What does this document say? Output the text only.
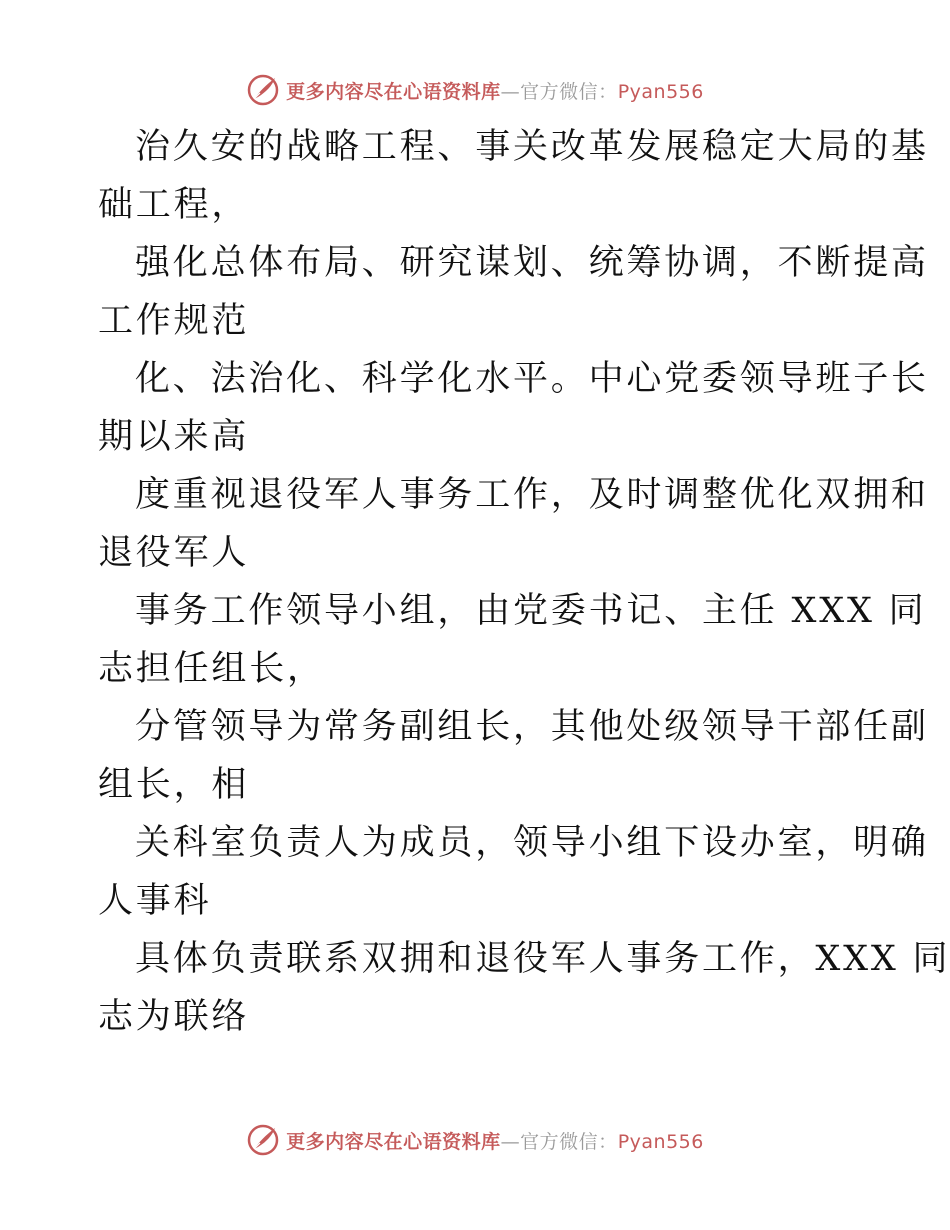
更多内容尽在心语资料库—官方微信：Pyan556

治久安的战略工程、事关改革发展稳定大局的基
础工程，

强化总体布局、研究谋划、统筹协调，不断提高
工作规范

化、法治化、科学化水平。中心党委领导班子长
期以来高

度重视退役军人事务工作，及时调整优化双拥和
退役军人

事务工作领导小组，由党委书记、主任 XXX 同
志担任组长，

分管领导为常务副组长，其他处级领导干部任副
组长，相

关科室负责人为成员，领导小组下设办室，明确
人事科

具体负责联系双拥和退役军人事务工作，XXX 同
志为联络

更多内容尽在心语资料库—官方微信：Pyan556
